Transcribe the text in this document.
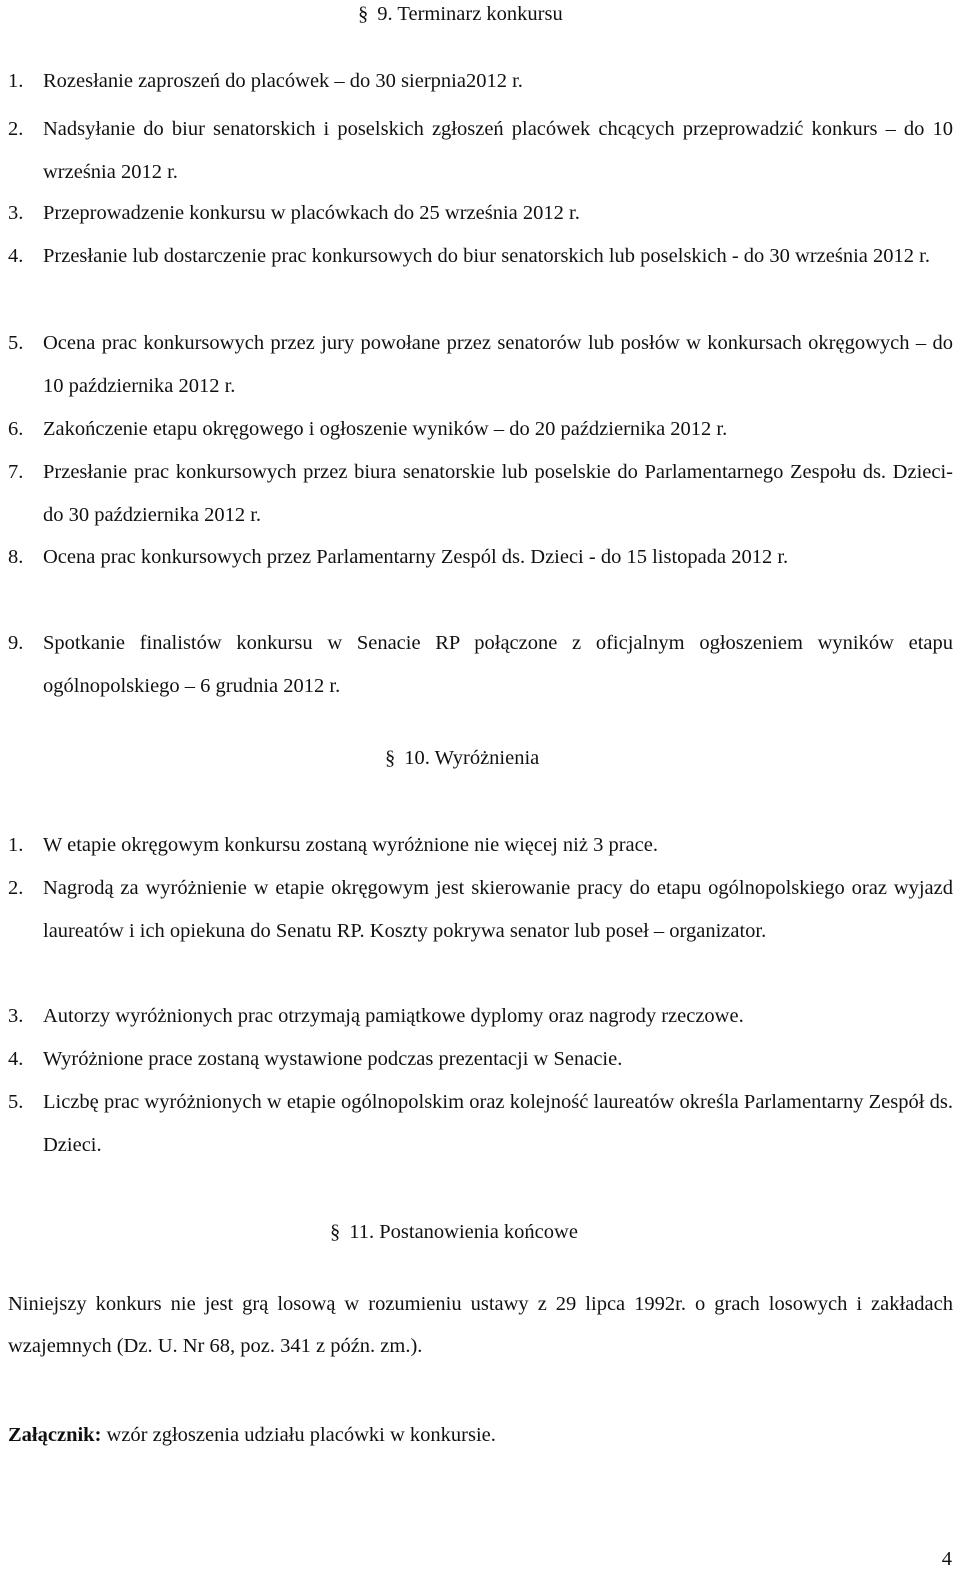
§ 9. Terminarz konkursu
1. Rozesłanie zaproszeń do placówek – do 30 sierpnia2012 r.
2. Nadsyłanie do biur senatorskich i poselskich zgłoszeń placówek chcących przeprowadzić konkurs – do 10 września 2012 r.
3. Przeprowadzenie konkursu w placówkach do 25 września 2012 r.
4. Przesłanie lub dostarczenie prac konkursowych do biur senatorskich lub poselskich - do 30 września 2012 r.
5. Ocena prac konkursowych przez jury powołane przez senatorów lub posłów w konkursach okręgowych – do 10 października 2012 r.
6. Zakończenie etapu okręgowego i ogłoszenie wyników – do 20 października 2012 r.
7. Przesłanie prac konkursowych przez biura senatorskie lub poselskie do Parlamentarnego Zespołu ds. Dzieci- do 30 października 2012 r.
8. Ocena prac konkursowych przez Parlamentarny Zespól ds. Dzieci - do 15 listopada 2012 r.
9. Spotkanie finalistów konkursu w Senacie RP połączone z oficjalnym ogłoszeniem wyników etapu ogólnopolskiego – 6 grudnia 2012 r.
§ 10. Wyróżnienia
1. W etapie okręgowym konkursu zostaną wyróżnione nie więcej niż 3 prace.
2. Nagrodą za wyróżnienie w etapie okręgowym jest skierowanie pracy do etapu ogólnopolskiego oraz wyjazd laureatów i ich opiekuna do Senatu RP. Koszty pokrywa senator lub poseł – organizator.
3. Autorzy wyróżnionych prac otrzymają pamiątkowe dyplomy oraz nagrody rzeczowe.
4. Wyróżnione prace zostaną wystawione podczas prezentacji w Senacie.
5. Liczbę prac wyróżnionych w etapie ogólnopolskim oraz kolejność laureatów określa Parlamentarny Zespół ds. Dzieci.
§ 11. Postanowienia końcowe
Niniejszy konkurs nie jest grą losową w rozumieniu ustawy z 29 lipca 1992r. o grach losowych i zakładach wzajemnych (Dz. U. Nr 68, poz. 341 z późn. zm.).
Załącznik: wzór zgłoszenia udziału placówki w konkursie.
4
